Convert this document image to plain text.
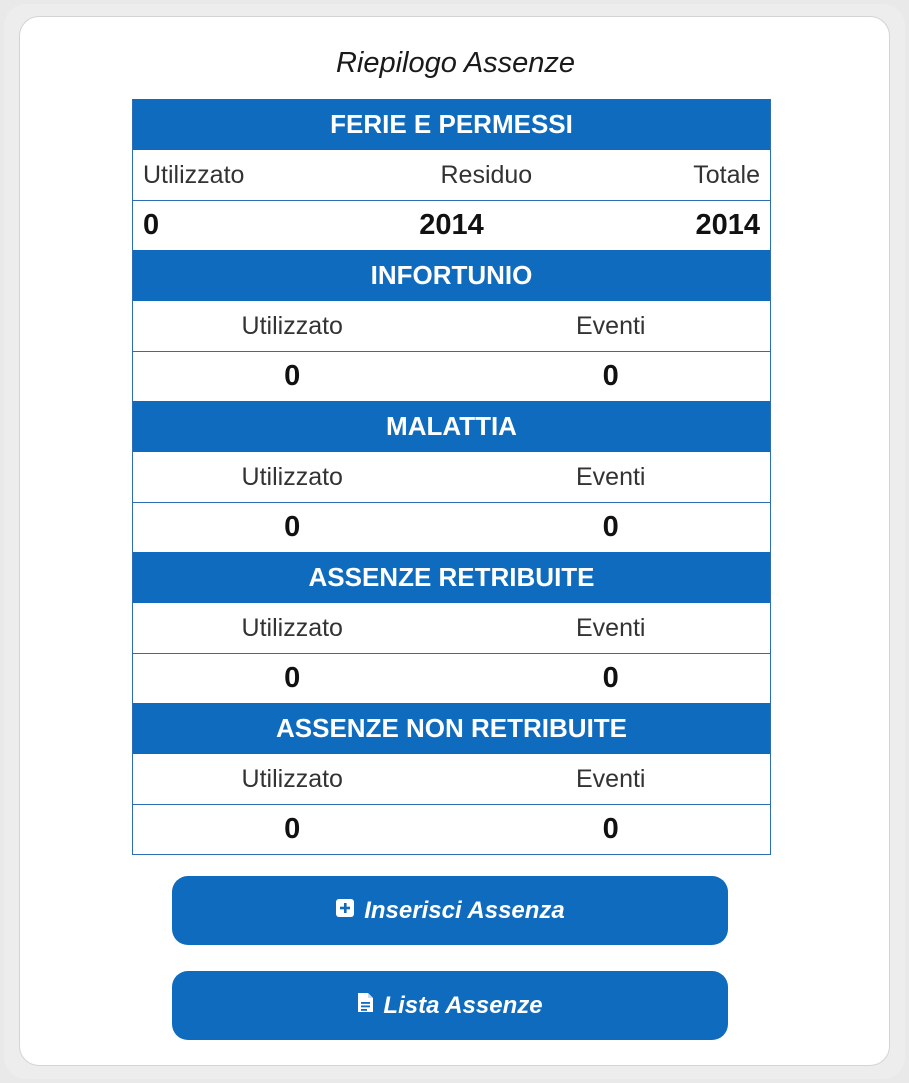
Riepilogo Assenze
FERIE E PERMESSI
Utilizzato	Residuo	Totale
0	2014	2014
INFORTUNIO
Utilizzato	Eventi
0	0
MALATTIA
Utilizzato	Eventi
0	0
ASSENZE RETRIBUITE
Utilizzato	Eventi
0	0
ASSENZE NON RETRIBUITE
Utilizzato	Eventi
0	0
Inserisci Assenza
Lista Assenze
